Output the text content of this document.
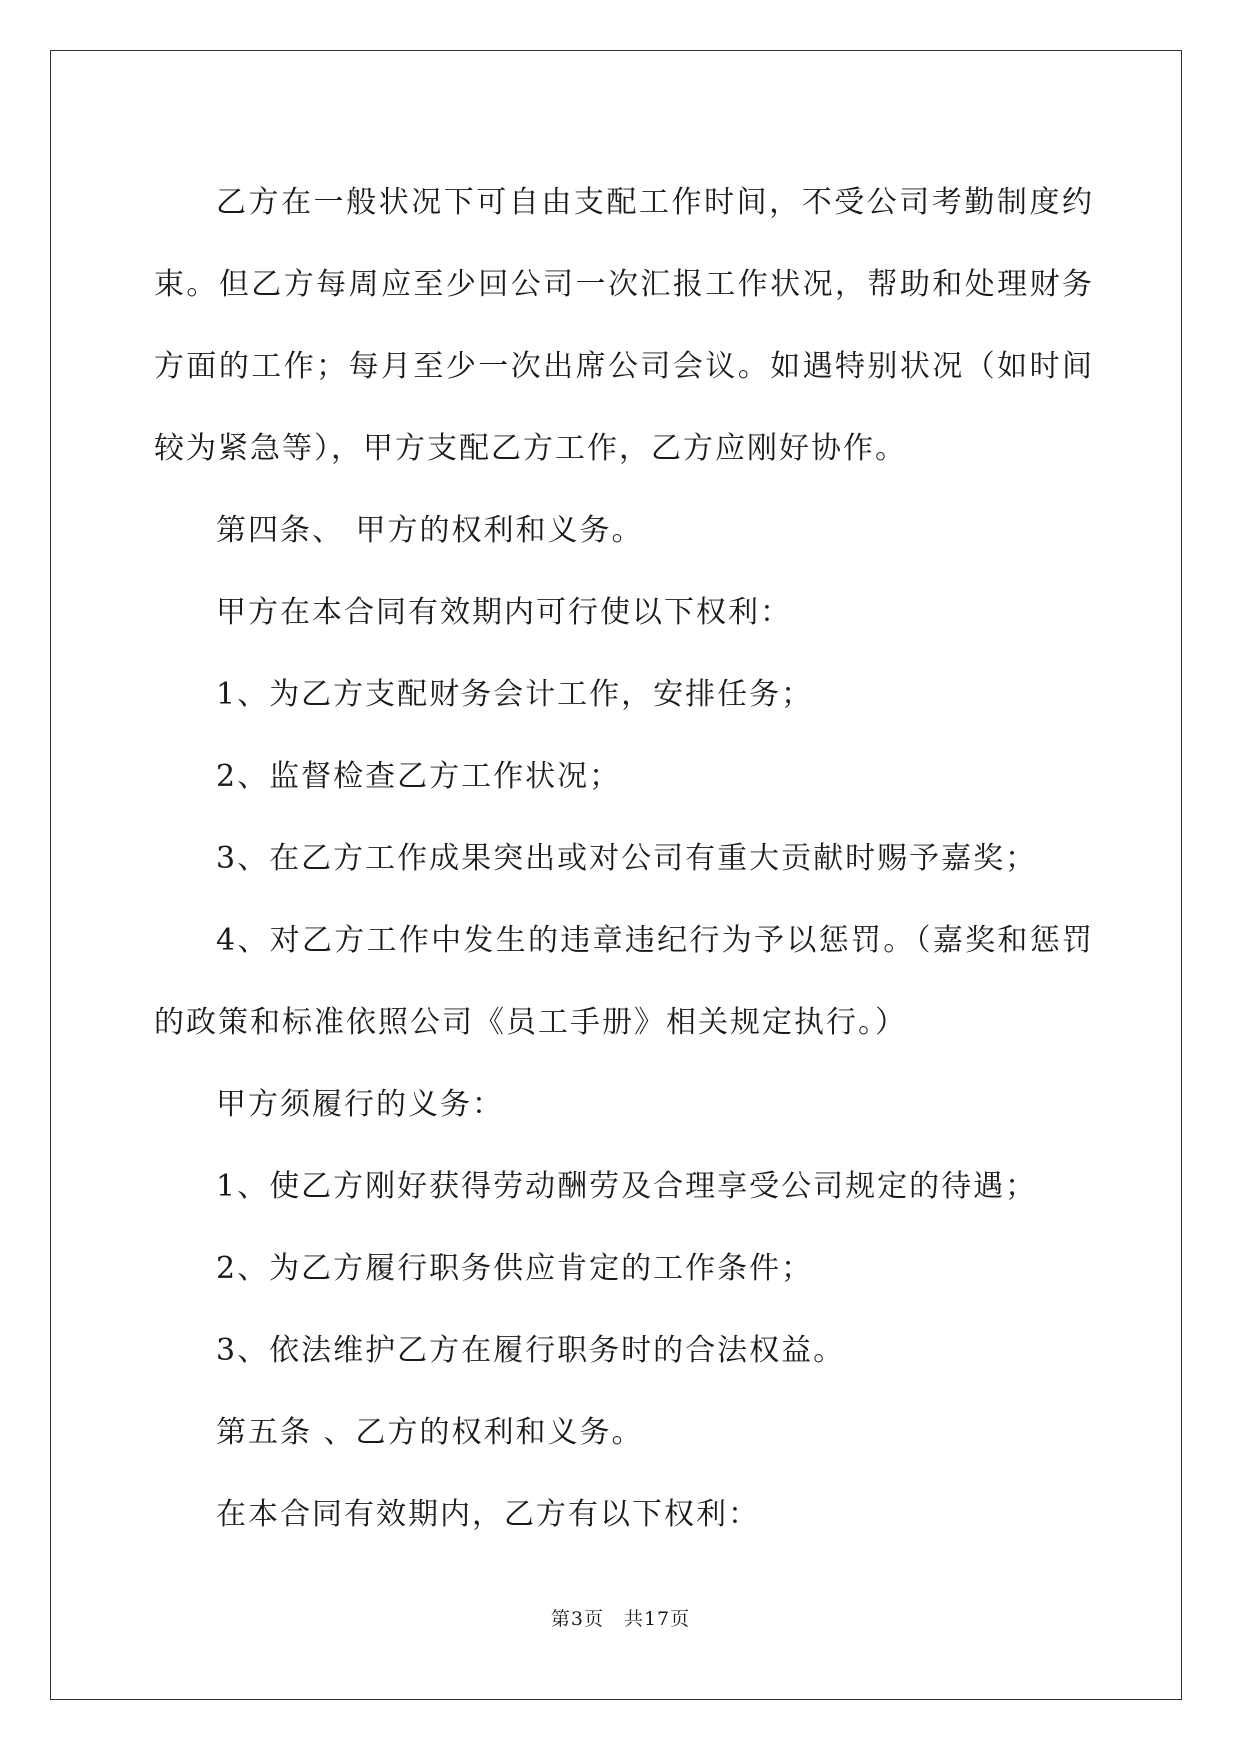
乙方在一般状况下可自由支配工作时间，不受公司考勤制度约束。但乙方每周应至少回公司一次汇报工作状况，帮助和处理财务方面的工作；每月至少一次出席公司会议。如遇特别状况（如时间较为紧急等），甲方支配乙方工作，乙方应刚好协作。

第四条、 甲方的权利和义务。

甲方在本合同有效期内可行使以下权利：

1、为乙方支配财务会计工作，安排任务；

2、监督检查乙方工作状况；

3、在乙方工作成果突出或对公司有重大贡献时赐予嘉奖；

4、对乙方工作中发生的违章违纪行为予以惩罚。（嘉奖和惩罚的政策和标准依照公司《员工手册》相关规定执行。）

甲方须履行的义务：

1、使乙方刚好获得劳动酬劳及合理享受公司规定的待遇；

2、为乙方履行职务供应肯定的工作条件；

3、依法维护乙方在履行职务时的合法权益。

第五条 、乙方的权利和义务。

在本合同有效期内，乙方有以下权利：

第3页 共17页
